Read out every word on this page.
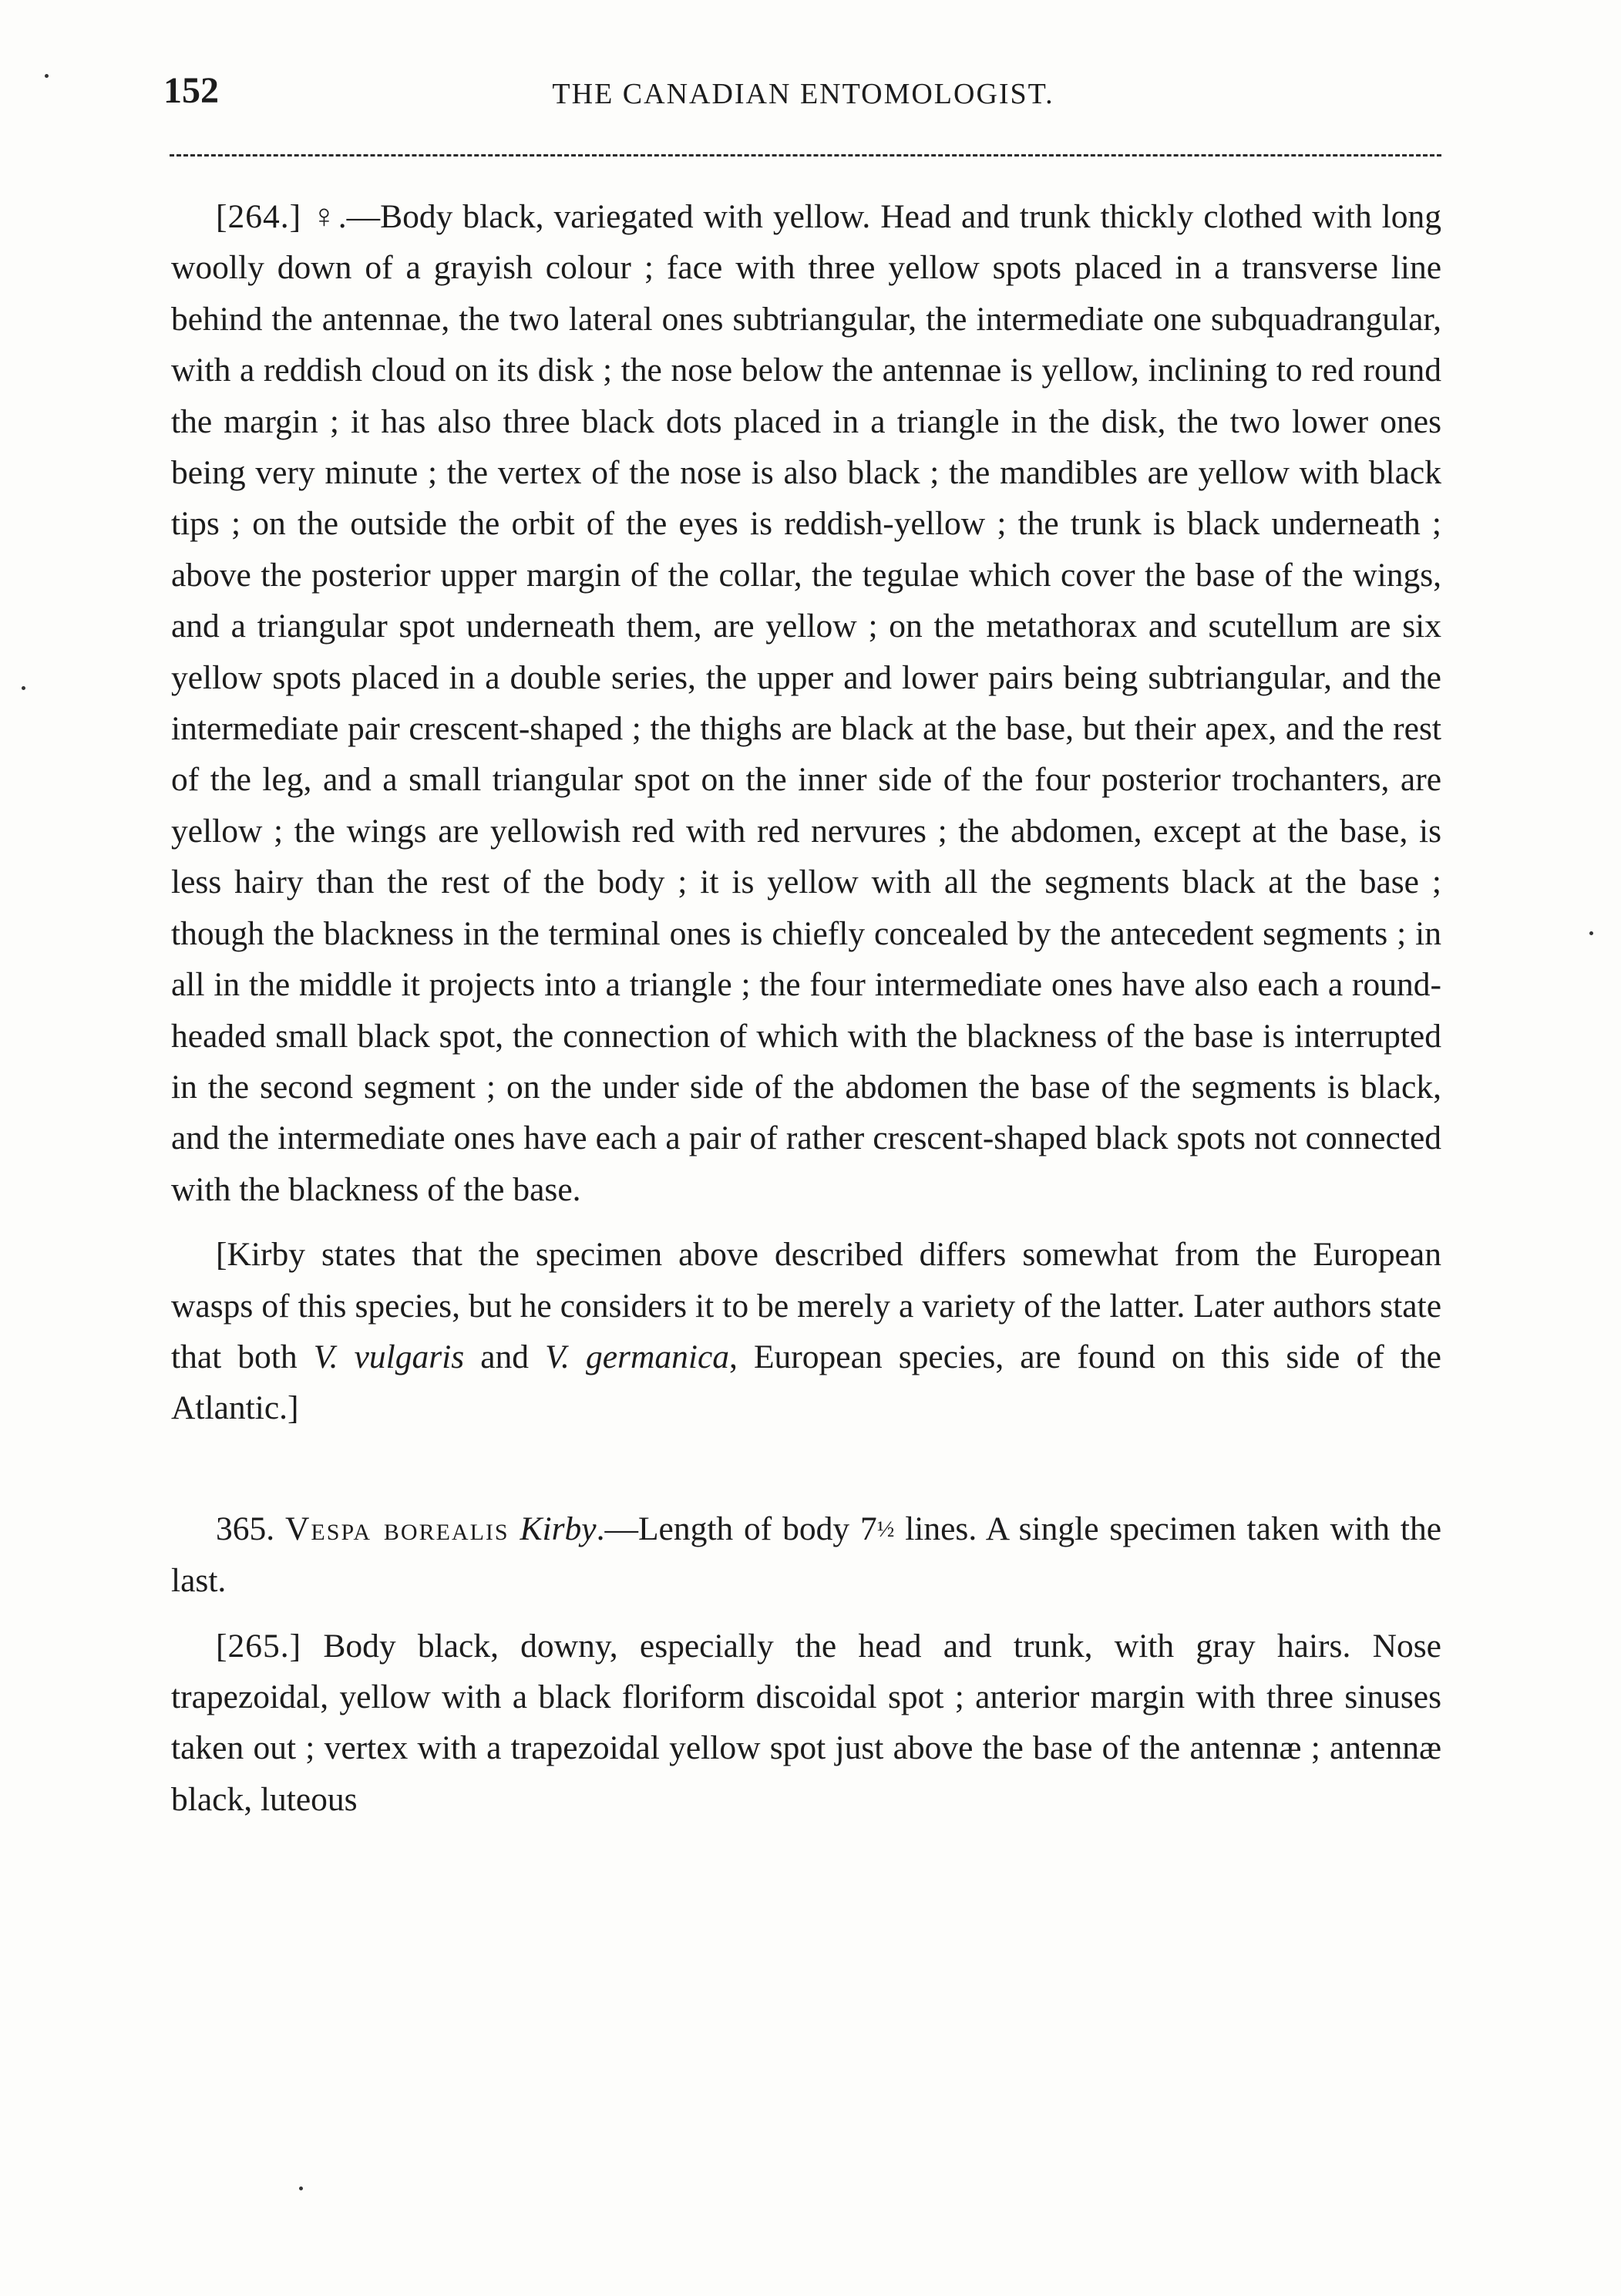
152	THE CANADIAN ENTOMOLOGIST.

[264.] ♀.—Body black, variegated with yellow. Head and trunk thickly clothed with long woolly down of a grayish colour ; face with three yellow spots placed in a transverse line behind the antennae, the two lateral ones subtriangular, the intermediate one subquadrangular, with a reddish cloud on its disk ; the nose below the antennae is yellow, inclining to red round the margin ; it has also three black dots placed in a triangle in the disk, the two lower ones being very minute ; the vertex of the nose is also black ; the mandibles are yellow with black tips ; on the outside the orbit of the eyes is reddish-yellow ; the trunk is black underneath ; above the posterior upper margin of the collar, the tegulae which cover the base of the wings, and a triangular spot underneath them, are yellow ; on the metathorax and scutellum are six yellow spots placed in a double series, the upper and lower pairs being subtriangular, and the intermediate pair crescent-shaped ; the thighs are black at the base, but their apex, and the rest of the leg, and a small triangular spot on the inner side of the four posterior trochanters, are yellow ; the wings are yellowish red with red nervures ; the abdomen, except at the base, is less hairy than the rest of the body ; it is yellow with all the segments black at the base ; though the blackness in the terminal ones is chiefly concealed by the antecedent segments ; in all in the middle it projects into a triangle ; the four intermediate ones have also each a round-headed small black spot, the connection of which with the blackness of the base is interrupted in the second segment ; on the under side of the abdomen the base of the segments is black, and the intermediate ones have each a pair of rather crescent-shaped black spots not connected with the blackness of the base.

[Kirby states that the specimen above described differs somewhat from the European wasps of this species, but he considers it to be merely a variety of the latter. Later authors state that both V. vulgaris and V. germanica, European species, are found on this side of the Atlantic.]

365. Vespa borealis Kirby.—Length of body 7½ lines. A single specimen taken with the last.

[265.] Body black, downy, especially the head and trunk, with gray hairs. Nose trapezoidal, yellow with a black floriform discoidal spot ; anterior margin with three sinuses taken out ; vertex with a trapezoidal yellow spot just above the base of the antennæ ; antennæ black, luteous
